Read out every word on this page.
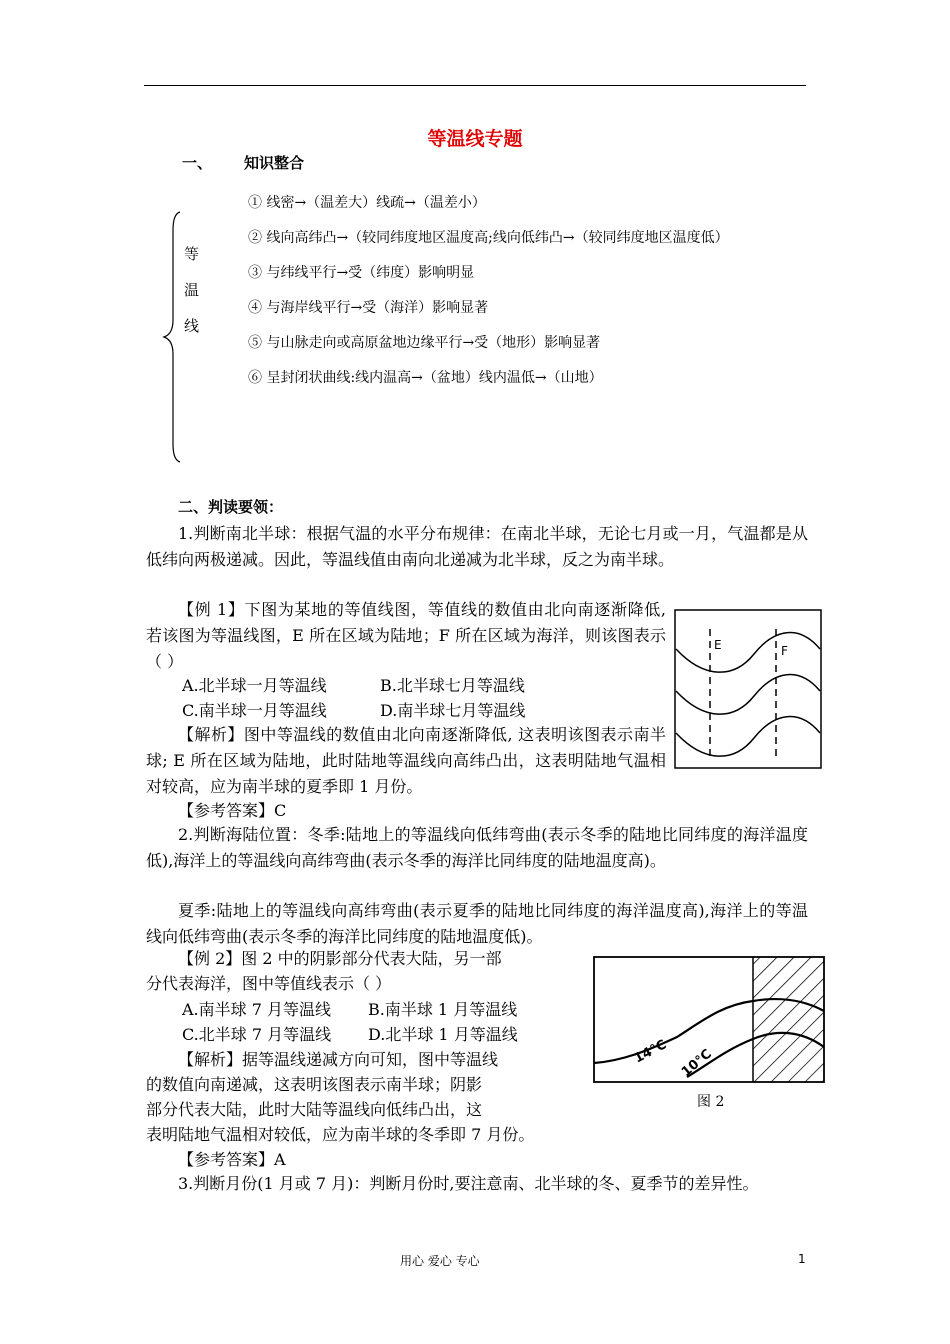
等温线专题
一、 知识整合
等
温
线
① 线密→（温差大）线疏→（温差小）
② 线向高纬凸→（较同纬度地区温度高;线向低纬凸→（较同纬度地区温度低）
③ 与纬线平行→受（纬度）影响明显
④ 与海岸线平行→受（海洋）影响显著
⑤ 与山脉走向或高原盆地边缘平行→受（地形）影响显著
⑥ 呈封闭状曲线:线内温高→（盆地）线内温低→（山地）
二、判读要领：
1.判断南北半球：根据气温的水平分布规律：在南北半球，无论七月或一月，气温都是从低纬向两极递减。因此，等温线值由南向北递减为北半球，反之为南半球。
【例 1】下图为某地的等值线图，等值线的数值由北向南逐渐降低, 若该图为等温线图，E 所在区域为陆地；F 所在区域为海洋，则该图表示（ ）
A.北半球一月等温线	B.北半球七月等温线
C.南半球一月等温线	D.南半球七月等温线
【解析】图中等温线的数值由北向南逐渐降低, 这表明该图表示南半球; E 所在区域为陆地，此时陆地等温线向高纬凸出，这表明陆地气温相对较高，应为南半球的夏季即 1 月份。
【参考答案】C
E	F
2.判断海陆位置：冬季:陆地上的等温线向低纬弯曲(表示冬季的陆地比同纬度的海洋温度低),海洋上的等温线向高纬弯曲(表示冬季的海洋比同纬度的陆地温度高)。
夏季:陆地上的等温线向高纬弯曲(表示夏季的陆地比同纬度的海洋温度高),海洋上的等温线向低纬弯曲(表示冬季的海洋比同纬度的陆地温度低)。
【例 2】图 2 中的阴影部分代表大陆，另一部
分代表海洋，图中等值线表示（ ）
A.南半球 7 月等温线 B.南半球 1 月等温线
C.北半球 7 月等温线 D.北半球 1 月等温线
【解析】据等温线递减方向可知，图中等温线
的数值向南递减，这表明该图表示南半球；阴影
部分代表大陆，此时大陆等温线向低纬凸出，这
表明陆地气温相对较低，应为南半球的冬季即 7 月份。
【参考答案】A
14°C 10°C
图 2
3.判断月份(1 月或 7 月)：判断月份时,要注意南、北半球的冬、夏季节的差异性。
用心 爱心 专心	1
